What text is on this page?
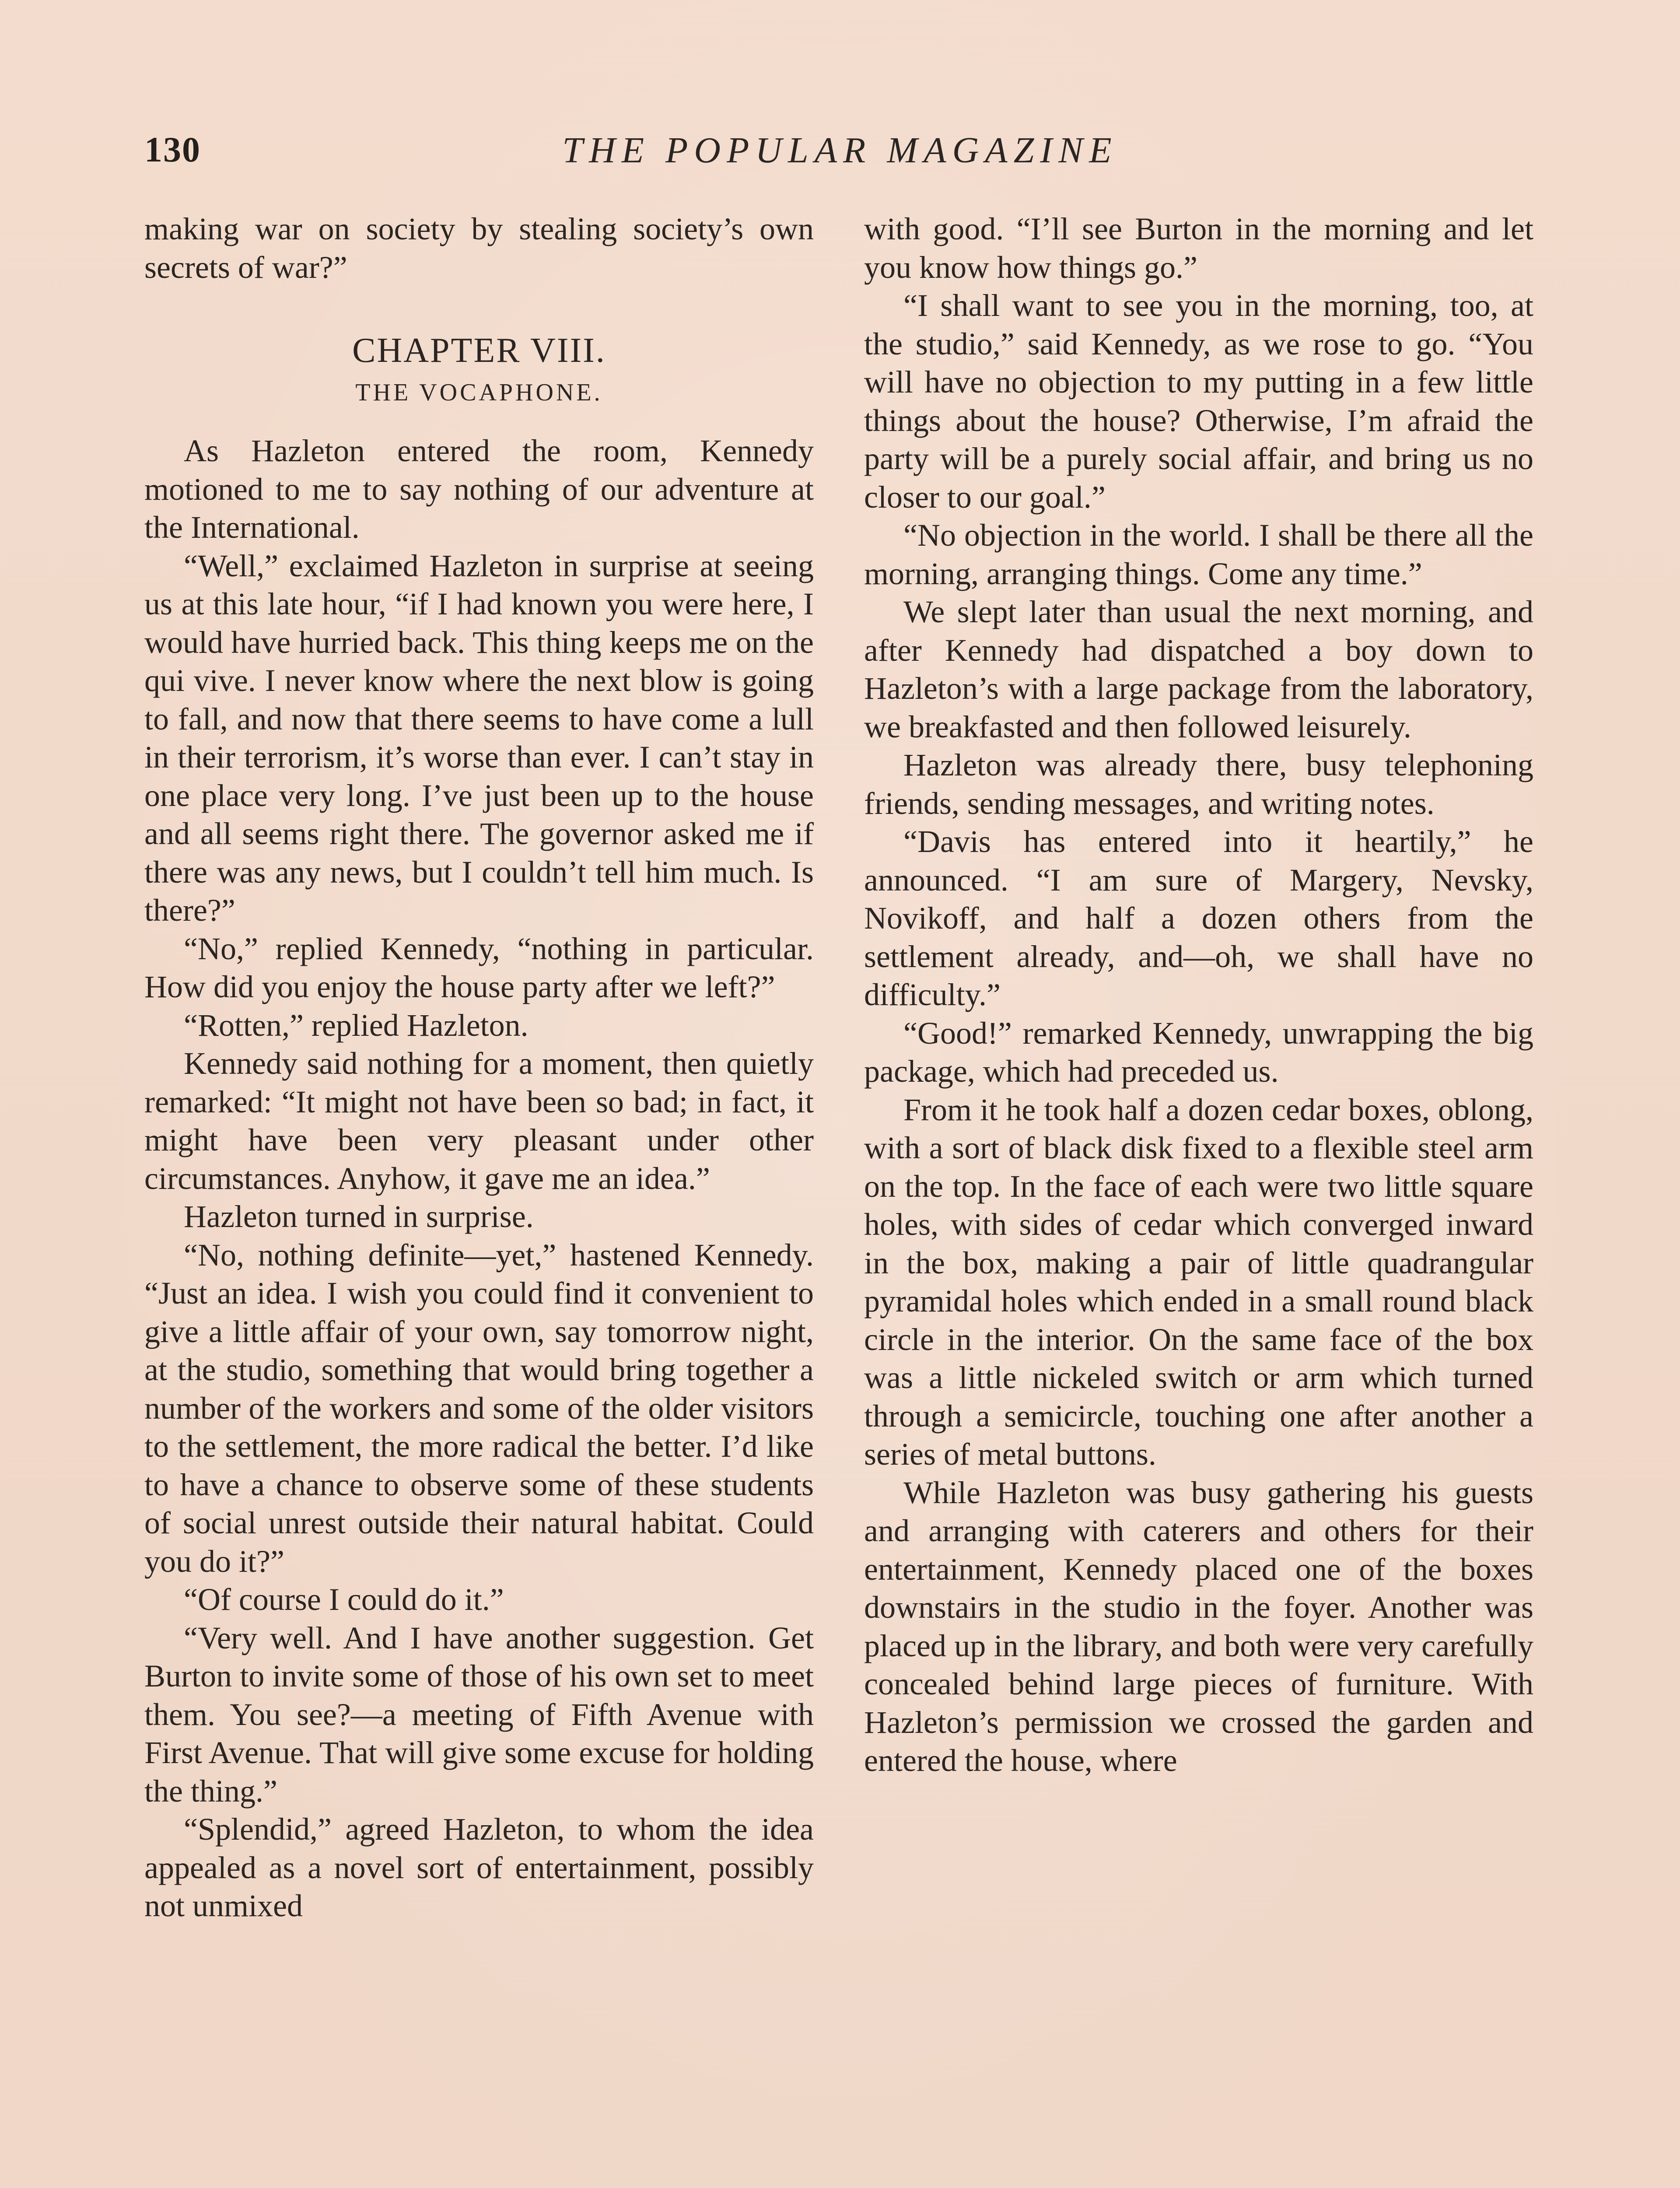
130	THE POPULAR MAGAZINE

making war on society by stealing society’s own secrets of war?”

CHAPTER VIII.
THE VOCAPHONE.

As Hazleton entered the room, Kennedy motioned to me to say nothing of our adventure at the International.

“Well,” exclaimed Hazleton in surprise at seeing us at this late hour, “if I had known you were here, I would have hurried back. This thing keeps me on the qui vive. I never know where the next blow is going to fall, and now that there seems to have come a lull in their terrorism, it’s worse than ever. I can’t stay in one place very long. I’ve just been up to the house and all seems right there. The governor asked me if there was any news, but I couldn’t tell him much. Is there?”

“No,” replied Kennedy, “nothing in particular. How did you enjoy the house party after we left?”

“Rotten,” replied Hazleton.

Kennedy said nothing for a moment, then quietly remarked: “It might not have been so bad; in fact, it might have been very pleasant under other circumstances. Anyhow, it gave me an idea.”

Hazleton turned in surprise.

“No, nothing definite—yet,” hastened Kennedy. “Just an idea. I wish you could find it convenient to give a little affair of your own, say tomorrow night, at the studio, something that would bring together a number of the workers and some of the older visitors to the settlement, the more radical the better. I’d like to have a chance to observe some of these students of social unrest outside their natural habitat. Could you do it?”

“Of course I could do it.”

“Very well. And I have another suggestion. Get Burton to invite some of those of his own set to meet them. You see?—a meeting of Fifth Avenue with First Avenue. That will give some excuse for holding the thing.”

“Splendid,” agreed Hazleton, to whom the idea appealed as a novel sort of entertainment, possibly not unmixed

with good. “I’ll see Burton in the morning and let you know how things go.”

“I shall want to see you in the morning, too, at the studio,” said Kennedy, as we rose to go. “You will have no objection to my putting in a few little things about the house? Otherwise, I’m afraid the party will be a purely social affair, and bring us no closer to our goal.”

“No objection in the world. I shall be there all the morning, arranging things. Come any time.”

We slept later than usual the next morning, and after Kennedy had dispatched a boy down to Hazleton’s with a large package from the laboratory, we breakfasted and then followed leisurely.

Hazleton was already there, busy telephoning friends, sending messages, and writing notes.

“Davis has entered into it heartily,” he announced. “I am sure of Margery, Nevsky, Novikoff, and half a dozen others from the settlement already, and—oh, we shall have no difficulty.”

“Good!” remarked Kennedy, unwrapping the big package, which had preceded us.

From it he took half a dozen cedar boxes, oblong, with a sort of black disk fixed to a flexible steel arm on the top. In the face of each were two little square holes, with sides of cedar which converged inward in the box, making a pair of little quadrangular pyramidal holes which ended in a small round black circle in the interior. On the same face of the box was a little nickeled switch or arm which turned through a semicircle, touching one after another a series of metal buttons.

While Hazleton was busy gathering his guests and arranging with caterers and others for their entertainment, Kennedy placed one of the boxes downstairs in the studio in the foyer. Another was placed up in the library, and both were very carefully concealed behind large pieces of furniture. With Hazleton’s permission we crossed the garden and entered the house, where
